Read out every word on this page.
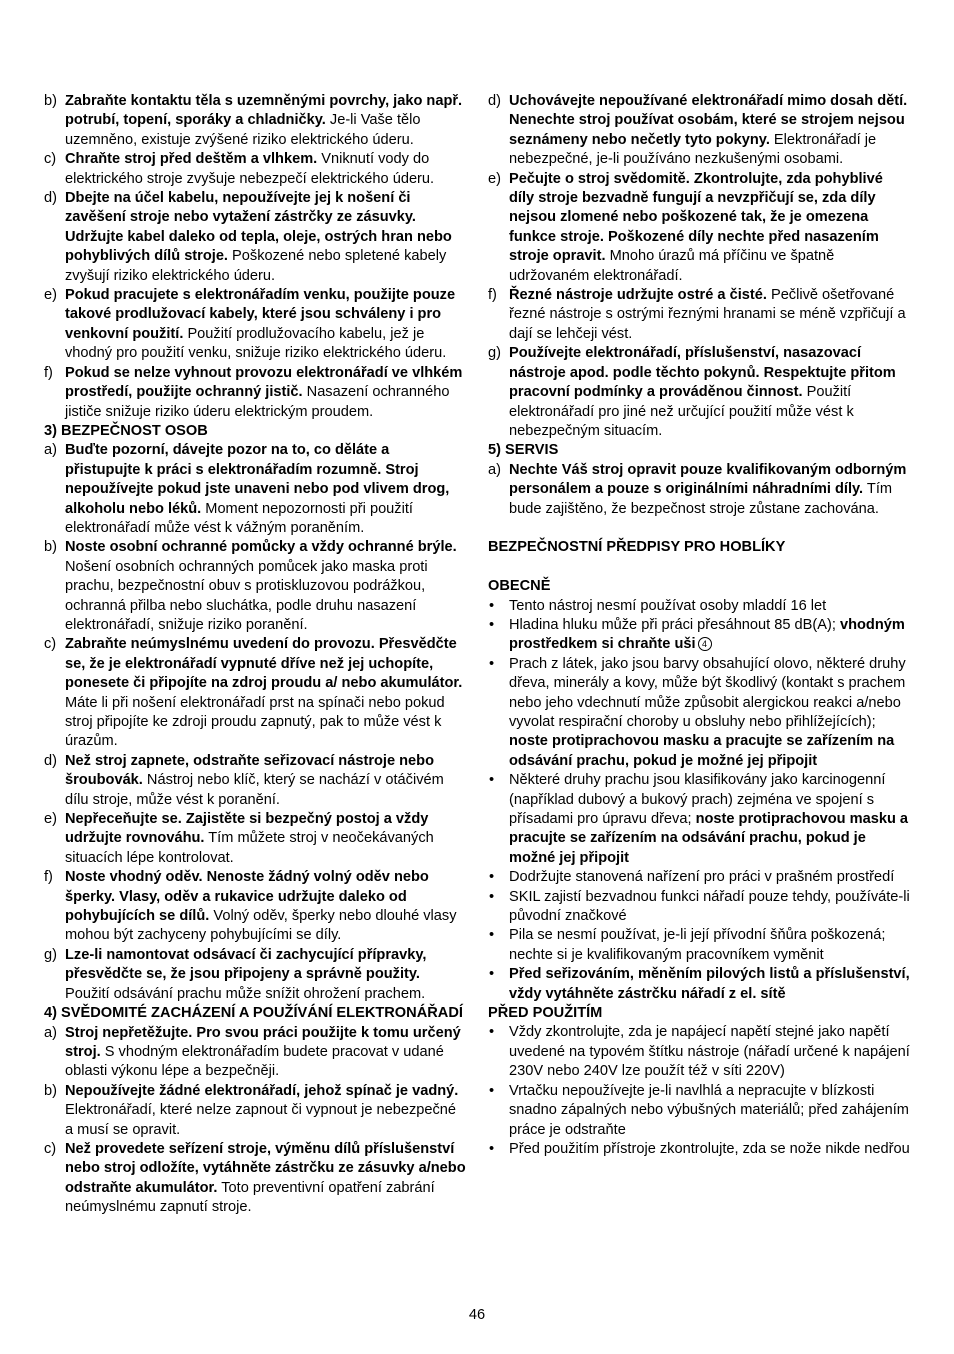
b) Zabraňte kontaktu těla s uzemněnými povrchy, jako např. potrubí, topení, sporáky a chladničky. Je-li Vaše tělo uzemněno, existuje zvýšené riziko elektrického úderu.
c) Chraňte stroj před deštěm a vlhkem. Vniknutí vody do elektrického stroje zvyšuje nebezpečí elektrického úderu.
d) Dbejte na účel kabelu, nepoužívejte jej k nošení či zavěšení stroje nebo vytažení zástrčky ze zásuvky. Udržujte kabel daleko od tepla, oleje, ostrých hran nebo pohyblivých dílů stroje. Poškozené nebo spletené kabely zvyšují riziko elektrického úderu.
e) Pokud pracujete s elektronářadím venku, použijte pouze takové prodlužovací kabely, které jsou schváleny i pro venkovní použití. Použití prodlužovacího kabelu, jež je vhodný pro použití venku, snižuje riziko elektrického úderu.
f) Pokud se nelze vyhnout provozu elektronářadí ve vlhkém prostředí, použijte ochranný jistič. Nasazení ochranného jističe snižuje riziko úderu elektrickým proudem.
3) BEZPEČNOST OSOB
a) Buďte pozorní, dávejte pozor na to, co děláte a přistupujte k práci s elektronářadím rozumně. Stroj nepoužívejte pokud jste unaveni nebo pod vlivem drog, alkoholu nebo léků. Moment nepozornosti při použití elektronářadí může vést k vážným poraněním.
b) Noste osobní ochranné pomůcky a vždy ochranné brýle. Nošení osobních ochranných pomůcek jako maska proti prachu, bezpečnostní obuv s protiskluzovou podrážkou, ochranná přilba nebo sluchátka, podle druhu nasazení elektronářadí, snižuje riziko poranění.
c) Zabraňte neúmyslnému uvedení do provozu. Přesvědčte se, že je elektronářadí vypnuté dříve než jej uchopíte, ponesete či připojíte na zdroj proudu a/ nebo akumulátor. Máte li při nošení elektronářadí prst na spínači nebo pokud stroj připojíte ke zdroji proudu zapnutý, pak to může vést k úrazům.
d) Než stroj zapnete, odstraňte seřizovací nástroje nebo šroubovák. Nástroj nebo klíč, který se nachází v otáčivém dílu stroje, může vést k poranění.
e) Nepřeceňujte se. Zajistěte si bezpečný postoj a vždy udržujte rovnováhu. Tím můžete stroj v neočekávaných situacích lépe kontrolovat.
f) Noste vhodný oděv. Nenoste žádný volný oděv nebo šperky. Vlasy, oděv a rukavice udržujte daleko od pohybujících se dílů. Volný oděv, šperky nebo dlouhé vlasy mohou být zachyceny pohybujícími se díly.
g) Lze-li namontovat odsávací či zachycující přípravky, přesvědčte se, že jsou připojeny a správně použity. Použití odsávání prachu může snížit ohrožení prachem.
4) SVĚDOMITÉ ZACHÁZENÍ A POUŽÍVÁNÍ ELEKTRONÁŘADÍ
a) Stroj nepřetěžujte. Pro svou práci použijte k tomu určený stroj. S vhodným elektronářadím budete pracovat v udané oblasti výkonu lépe a bezpečněji.
b) Nepoužívejte žádné elektronářadí, jehož spínač je vadný. Elektronářadí, které nelze zapnout či vypnout je nebezpečné a musí se opravit.
c) Než provedete seřízení stroje, výměnu dílů příslušenství nebo stroj odložíte, vytáhněte zástrčku ze zásuvky a/nebo odstraňte akumulátor. Toto preventivní opatření zabrání neúmyslnému zapnutí stroje.
d) Uchovávejte nepoužívané elektronářadí mimo dosah dětí. Nenechte stroj používat osobám, které se strojem nejsou seznámeny nebo nečetly tyto pokyny. Elektronářadí je nebezpečné, je-li používáno nezkušenými osobami.
e) Pečujte o stroj svědomitě. Zkontrolujte, zda pohyblivé díly stroje bezvadně fungují a nevzpřičují se, zda díly nejsou zlomené nebo poškozené tak, že je omezena funkce stroje. Poškozené díly nechte před nasazením stroje opravit. Mnoho úrazů má příčinu ve špatně udržovaném elektronářadí.
f) Řezné nástroje udržujte ostré a čisté. Pečlivě ošetřované řezné nástroje s ostrými řeznými hranami se méně vzpřičují a dají se lehčeji vést.
g) Používejte elektronářadí, příslušenství, nasazovací nástroje apod. podle těchto pokynů. Respektujte přitom pracovní podmínky a prováděnou činnost. Použití elektronářadí pro jiné než určující použití může vést k nebezpečným situacím.
5) SERVIS
a) Nechte Váš stroj opravit pouze kvalifikovaným odborným personálem a pouze s originálními náhradními díly. Tím bude zajištěno, že bezpečnost stroje zůstane zachována.
BEZPEČNOSTNÍ PŘEDPISY PRO HOBLÍKY
OBECNĚ
• Tento nástroj nesmí používat osoby mladdí 16 let
• Hladina hluku může při práci přesáhnout 85 dB(A); vhodným prostředkem si chraňte uši 4
• Prach z látek, jako jsou barvy obsahující olovo, některé druhy dřeva, minerály a kovy, může být škodlivý (kontakt s prachem nebo jeho vdechnutí může způsobit alergickou reakci a/nebo vyvolat respirační choroby u obsluhy nebo přihlížejících); noste protiprachovou masku a pracujte se zařízením na odsávání prachu, pokud je možné jej připojit
• Některé druhy prachu jsou klasifikovány jako karcinogenní (například dubový a bukový prach) zejména ve spojení s přísadami pro úpravu dřeva; noste protiprachovou masku a pracujte se zařízením na odsávání prachu, pokud je možné jej připojit
• Dodržujte stanovená nařízení pro práci v prašném prostředí
• SKIL zajistí bezvadnou funkci nářadí pouze tehdy, používáte-li původní značkové
• Pila se nesmí používat, je-li její přívodní šňůra poškozená; nechte si je kvalifikovaným pracovníkem vyměnit
• Před seřizováním, měněním pilových listů a příslušenství, vždy vytáhněte zástrčku nářadí z el. sítě
PŘED POUŽITÍM
• Vždy zkontrolujte, zda je napájecí napětí stejné jako napětí uvedené na typovém štítku nástroje (nářadí určené k napájení 230V nebo 240V lze použít též v síti 220V)
• Vrtačku nepoužívejte je-li navlhlá a nepracujte v blízkosti snadno zápalných nebo výbušných materiálů; před zahájením práce je odstraňte
• Před použitím přístroje zkontrolujte, zda se nože nikde nedřou
46
